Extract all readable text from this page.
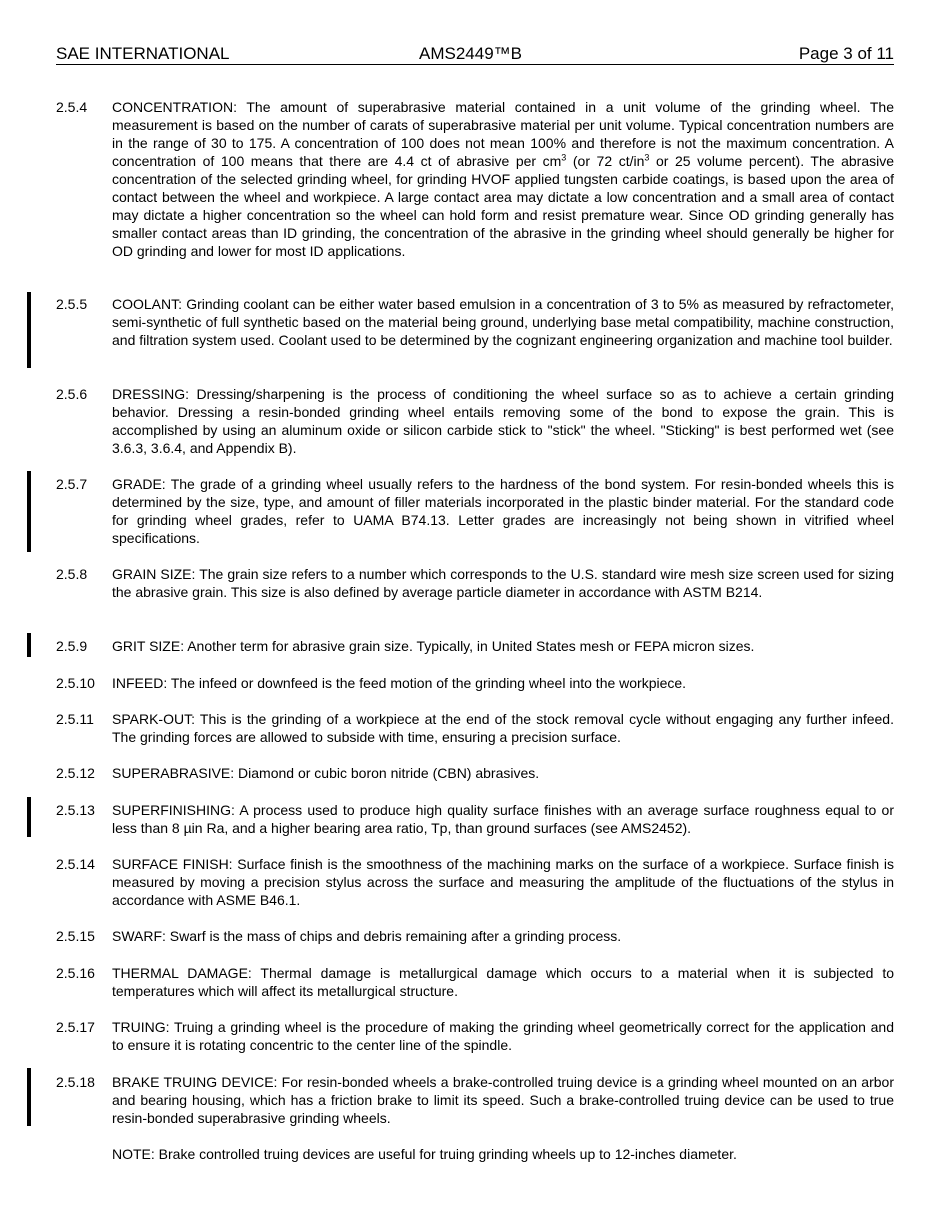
SAE INTERNATIONAL	AMS2449™B	Page 3 of 11
2.5.4	CONCENTRATION: The amount of superabrasive material contained in a unit volume of the grinding wheel. The measurement is based on the number of carats of superabrasive material per unit volume. Typical concentration numbers are in the range of 30 to 175. A concentration of 100 does not mean 100% and therefore is not the maximum concentration. A concentration of 100 means that there are 4.4 ct of abrasive per $cm^3$ (or 72 $ct/in^3$ or 25 volume percent). The abrasive concentration of the selected grinding wheel, for grinding HVOF applied tungsten carbide coatings, is based upon the area of contact between the wheel and workpiece. A large contact area may dictate a low concentration and a small area of contact may dictate a higher concentration so the wheel can hold form and resist premature wear. Since OD grinding generally has smaller contact areas than ID grinding, the concentration of the abrasive in the grinding wheel should generally be higher for OD grinding and lower for most ID applications.
2.5.5	COOLANT: Grinding coolant can be either water based emulsion in a concentration of 3 to 5% as measured by refractometer, semi-synthetic of full synthetic based on the material being ground, underlying base metal compatibility, machine construction, and filtration system used. Coolant used to be determined by the cognizant engineering organization and machine tool builder.
2.5.6	DRESSING: Dressing/sharpening is the process of conditioning the wheel surface so as to achieve a certain grinding behavior. Dressing a resin-bonded grinding wheel entails removing some of the bond to expose the grain. This is accomplished by using an aluminum oxide or silicon carbide stick to "stick" the wheel. "Sticking" is best performed wet (see 3.6.3, 3.6.4, and Appendix B).
2.5.7	GRADE: The grade of a grinding wheel usually refers to the hardness of the bond system. For resin-bonded wheels this is determined by the size, type, and amount of filler materials incorporated in the plastic binder material. For the standard code for grinding wheel grades, refer to UAMA B74.13. Letter grades are increasingly not being shown in vitrified wheel specifications.
2.5.8	GRAIN SIZE: The grain size refers to a number which corresponds to the U.S. standard wire mesh size screen used for sizing the abrasive grain. This size is also defined by average particle diameter in accordance with ASTM B214.
2.5.9	GRIT SIZE: Another term for abrasive grain size. Typically, in United States mesh or FEPA micron sizes.
2.5.10	INFEED: The infeed or downfeed is the feed motion of the grinding wheel into the workpiece.
2.5.11	SPARK-OUT: This is the grinding of a workpiece at the end of the stock removal cycle without engaging any further infeed. The grinding forces are allowed to subside with time, ensuring a precision surface.
2.5.12	SUPERABRASIVE: Diamond or cubic boron nitride (CBN) abrasives.
2.5.13	SUPERFINISHING: A process used to produce high quality surface finishes with an average surface roughness equal to or less than 8 µin Ra, and a higher bearing area ratio, Tp, than ground surfaces (see AMS2452).
2.5.14	SURFACE FINISH: Surface finish is the smoothness of the machining marks on the surface of a workpiece. Surface finish is measured by moving a precision stylus across the surface and measuring the amplitude of the fluctuations of the stylus in accordance with ASME B46.1.
2.5.15	SWARF: Swarf is the mass of chips and debris remaining after a grinding process.
2.5.16	THERMAL DAMAGE: Thermal damage is metallurgical damage which occurs to a material when it is subjected to temperatures which will affect its metallurgical structure.
2.5.17	TRUING: Truing a grinding wheel is the procedure of making the grinding wheel geometrically correct for the application and to ensure it is rotating concentric to the center line of the spindle.
2.5.18	BRAKE TRUING DEVICE: For resin-bonded wheels a brake-controlled truing device is a grinding wheel mounted on an arbor and bearing housing, which has a friction brake to limit its speed. Such a brake-controlled truing device can be used to true resin-bonded superabrasive grinding wheels.
NOTE: Brake controlled truing devices are useful for truing grinding wheels up to 12-inches diameter.
